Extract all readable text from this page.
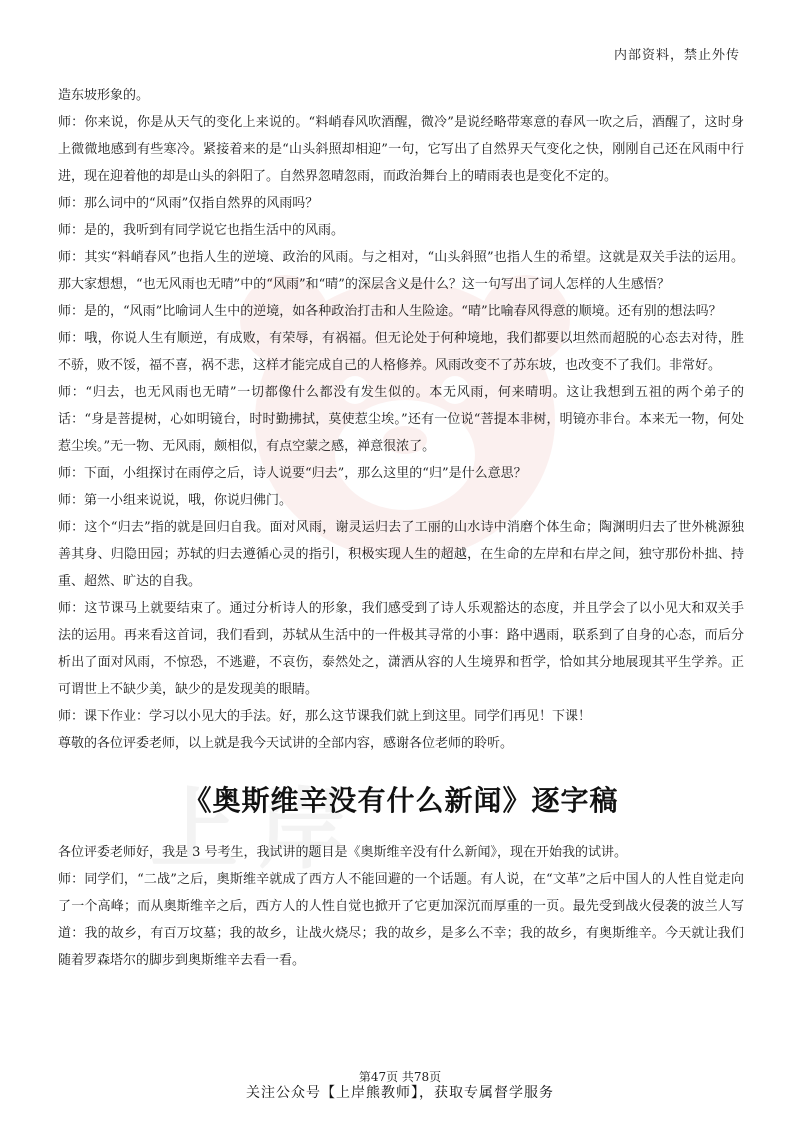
内部资料，禁止外传

造东坡形象的。

师：你来说，你是从天气的变化上来说的。“料峭春风吹酒醒，微冷”是说经略带寒意的春风一吹之后，酒醒了，这时身上微微地感到有些寒冷。紧接着来的是“山头斜照却相迎”一句，它写出了自然界天气变化之快，刚刚自己还在风雨中行进，现在迎着他的却是山头的斜阳了。自然界忽晴忽雨，而政治舞台上的晴雨表也是变化不定的。

师：那么词中的“风雨”仅指自然界的风雨吗？

师：是的，我听到有同学说它也指生活中的风雨。

师：其实“料峭春风”也指人生的逆境、政治的风雨。与之相对，“山头斜照”也指人生的希望。这就是双关手法的运用。那大家想想，“也无风雨也无晴”中的“风雨”和“晴”的深层含义是什么？这一句写出了词人怎样的人生感悟？

师：是的，“风雨”比喻词人生中的逆境，如各种政治打击和人生险途。“晴”比喻春风得意的顺境。还有别的想法吗？

师：哦，你说人生有顺逆，有成败，有荣辱，有祸福。但无论处于何种境地，我们都要以坦然而超脱的心态去对待，胜不骄，败不馁，福不喜，祸不悲，这样才能完成自己的人格修养。风雨改变不了苏东坡，也改变不了我们。非常好。

师：“归去，也无风雨也无晴”一切都像什么都没有发生似的。本无风雨，何来晴明。这让我想到五祖的两个弟子的话：“身是菩提树，心如明镜台，时时勤拂拭，莫使惹尘埃。”还有一位说“菩提本非树，明镜亦非台。本来无一物，何处惹尘埃。”无一物、无风雨，颇相似，有点空蒙之感，禅意很浓了。

师：下面，小组探讨在雨停之后，诗人说要“归去”，那么这里的“归”是什么意思？

师：第一小组来说说，哦，你说归佛门。

师：这个“归去”指的就是回归自我。面对风雨，谢灵运归去了工丽的山水诗中消磨个体生命；陶渊明归去了世外桃源独善其身、归隐田园；苏轼的归去遵循心灵的指引，积极实现人生的超越，在生命的左岸和右岸之间，独守那份朴拙、持重、超然、旷达的自我。

师：这节课马上就要结束了。通过分析诗人的形象，我们感受到了诗人乐观豁达的态度，并且学会了以小见大和双关手法的运用。再来看这首词，我们看到，苏轼从生活中的一件极其寻常的小事：路中遇雨，联系到了自身的心态，而后分析出了面对风雨，不惊恐，不逃避，不哀伤，泰然处之，潇洒从容的人生境界和哲学，恰如其分地展现其平生学养。正可谓世上不缺少美，缺少的是发现美的眼睛。

师：课下作业：学习以小见大的手法。好，那么这节课我们就上到这里。同学们再见！下课！

尊敬的各位评委老师，以上就是我今天试讲的全部内容，感谢各位老师的聆听。

《奥斯维辛没有什么新闻》逐字稿

各位评委老师好，我是 3 号考生，我试讲的题目是《奥斯维辛没有什么新闻》，现在开始我的试讲。

师：同学们，“二战”之后，奥斯维辛就成了西方人不能回避的一个话题。有人说，在“文革”之后中国人的人性自觉走向了一个高峰；而从奥斯维辛之后，西方人的人性自觉也掀开了它更加深沉而厚重的一页。最先受到战火侵袭的波兰人写道：我的故乡，有百万坟墓；我的故乡，让战火烧尽；我的故乡，是多么不幸；我的故乡，有奥斯维辛。今天就让我们随着罗森塔尔的脚步到奥斯维辛去看一看。

第47页 共78页
关注公众号【上岸熊教师】，获取专属督学服务
